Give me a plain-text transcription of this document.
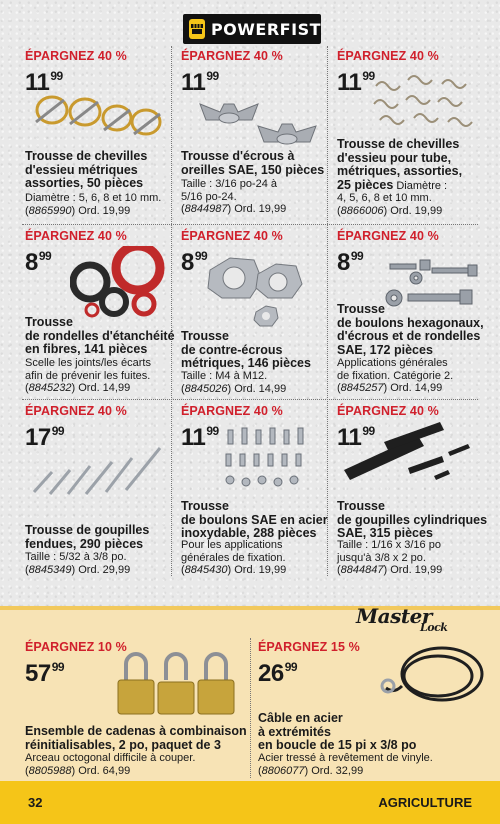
POWERFIST
ÉPARGNEZ 40 %
$11^{99}$
Trousse de chevilles
d'essieu métriques
assorties, 50 pièces
Diamètre : 5, 6, 8 et 10 mm.
(8865990) Ord. 19,99
ÉPARGNEZ 40 %
$11^{99}$
Trousse d'écrous à
oreilles SAE, 150 pièces
Taille : 3/16 po-24 à
5/16 po-24.
(8844987) Ord. 19,99
ÉPARGNEZ 40 %
$11^{99}$
Trousse de chevilles
d'essieu pour tube,
métriques, assorties,
25 pièces Diamètre :
4, 5, 6, 8 et 10 mm.
(8866006) Ord. 19,99
ÉPARGNEZ 40 %
$8^{99}$
Trousse
de rondelles d'étanchéité
en fibres, 141 pièces
Scelle les joints/les écarts
afin de prévenir les fuites.
(8845232) Ord. 14,99
ÉPARGNEZ 40 %
$8^{99}$
Trousse
de contre-écrous
métriques, 146 pièces
Taille : M4 à M12.
(8845026) Ord. 14,99
ÉPARGNEZ 40 %
$8^{99}$
Trousse
de boulons hexagonaux,
d'écrous et de rondelles
SAE, 172 pièces
Applications générales
de fixation. Catégorie 2.
(8845257) Ord. 14,99
ÉPARGNEZ 40 %
$17^{99}$
Trousse de goupilles
fendues, 290 pièces
Taille : 5/32 à 3/8 po.
(8845349) Ord. 29,99
ÉPARGNEZ 40 %
$11^{99}$
Trousse
de boulons SAE en acier
inoxydable, 288 pièces
Pour les applications
générales de fixation.
(8845430) Ord. 19,99
ÉPARGNEZ 40 %
$11^{99}$
Trousse
de goupilles cylindriques
SAE, 315 pièces
Taille : 1/16 x 3/16 po
jusqu'à 3/8 x 2 po.
(8844847) Ord. 19,99
Master
Lock
ÉPARGNEZ 10 %
$57^{99}$
Ensemble de cadenas à combinaison
réinitialisables, 2 po, paquet de 3
Arceau octogonal difficile à couper.
(8805988) Ord. 64,99
ÉPARGNEZ 15 %
$26^{99}$
Câble en acier
à extrémités
en boucle de 15 pi x 3/8 po
Acier tressé à revêtement de vinyle.
(8806077) Ord. 32,99
32	AGRICULTURE
